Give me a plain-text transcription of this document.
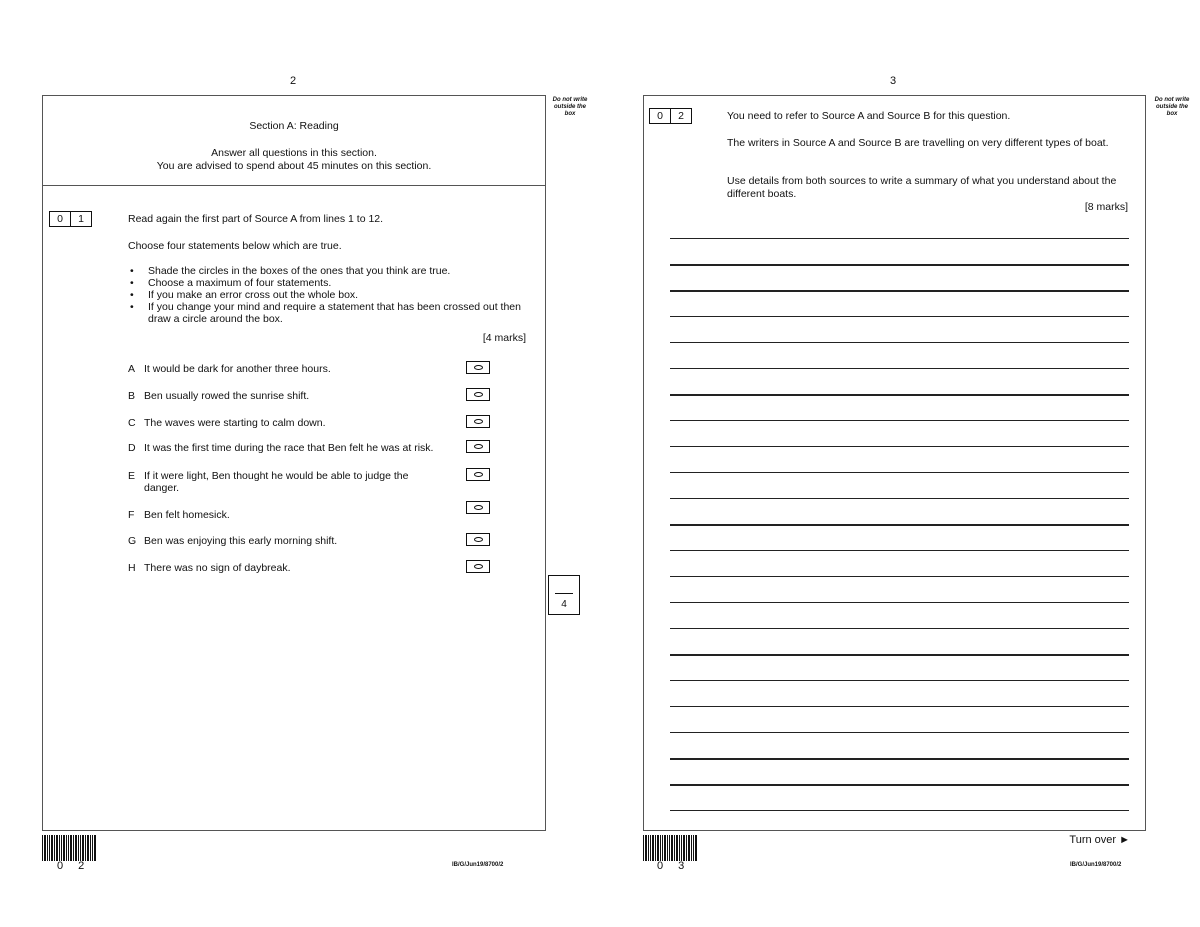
2
Section A: Reading
Answer all questions in this section.
You are advised to spend about 45 minutes on this section.
Do not write outside the box
0	1	Read again the first part of Source A from lines 1 to 12.
Choose four statements below which are true.
• Shade the circles in the boxes of the ones that you think are true.
• Choose a maximum of four statements.
• If you make an error cross out the whole box.
• If you change your mind and require a statement that has been crossed out then draw a circle around the box.
[4 marks]
A It would be dark for another three hours.
B Ben usually rowed the sunrise shift.
C The waves were starting to calm down.
D It was the first time during the race that Ben felt he was at risk.
E If it were light, Ben thought he would be able to judge the danger.
F Ben felt homesick.
G Ben was enjoying this early morning shift.
H There was no sign of daybreak.
4
0 2	IB/G/Jun19/8700/2
3
Do not write outside the box
0	2	You need to refer to Source A and Source B for this question.
The writers in Source A and Source B are travelling on very different types of boat.
Use details from both sources to write a summary of what you understand about the different boats.
[8 marks]
Turn over ►
0 3	IB/G/Jun19/8700/2
